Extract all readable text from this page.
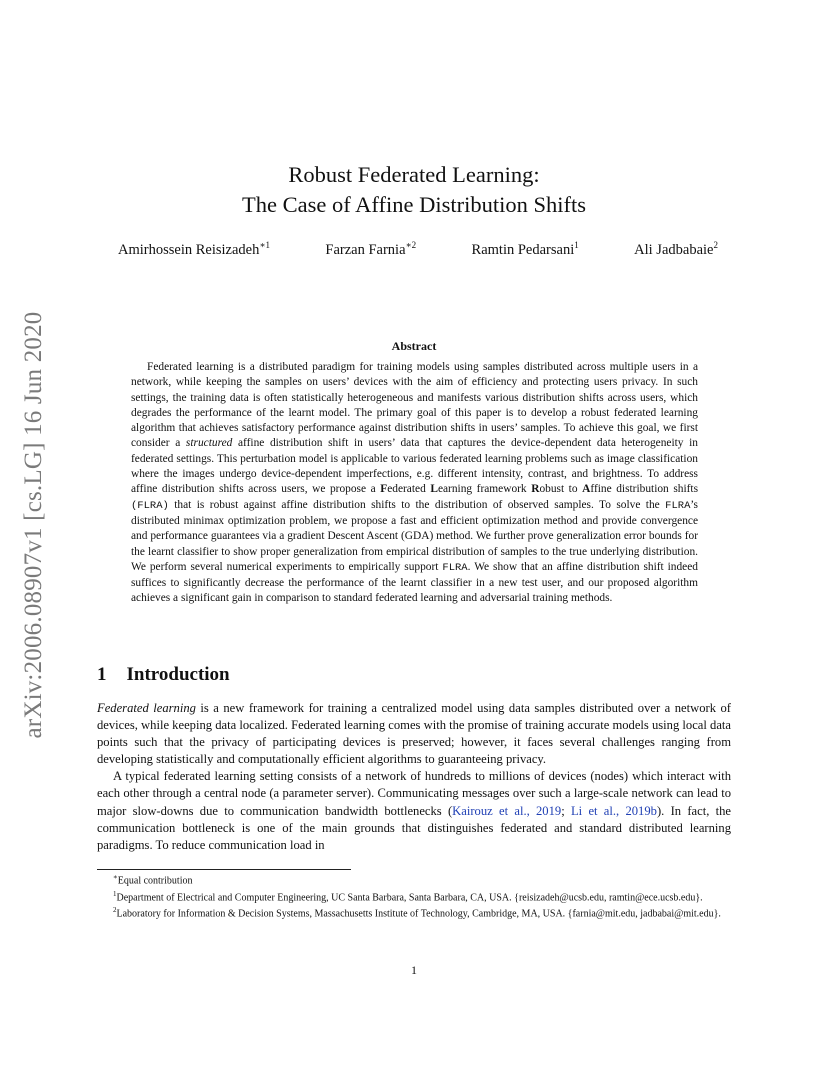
arXiv:2006.08907v1 [cs.LG] 16 Jun 2020
Robust Federated Learning:
The Case of Affine Distribution Shifts
Amirhossein Reisizadeh$^{∗1}$	Farzan Farnia$^{∗2}$	Ramtin Pedarsani$^1$	Ali Jadbabaie$^2$
Abstract

Federated learning is a distributed paradigm for training models using samples distributed across multiple users in a network, while keeping the samples on users’ devices with the aim of efficiency and protecting users privacy. In such settings, the training data is often statistically heterogeneous and manifests various distribution shifts across users, which degrades the performance of the learnt model. The primary goal of this paper is to develop a robust federated learning algorithm that achieves satisfactory performance against distribution shifts in users’ samples. To achieve this goal, we first consider a structured affine distribution shift in users’ data that captures the device-dependent data heterogeneity in federated settings. This perturbation model is applicable to various federated learning problems such as image classification where the images undergo device-dependent imperfections, e.g. different intensity, contrast, and brightness. To address affine distribution shifts across users, we propose a Federated Learning framework Robust to Affine distribution shifts (FLRA) that is robust against affine distribution shifts to the distribution of observed samples. To solve the FLRA’s distributed minimax optimization problem, we propose a fast and efficient optimization method and provide convergence and performance guarantees via a gradient Descent Ascent (GDA) method. We further prove generalization error bounds for the learnt classifier to show proper generalization from empirical distribution of samples to the true underlying distribution. We perform several numerical experiments to empirically support FLRA. We show that an affine distribution shift indeed suffices to significantly decrease the performance of the learnt classifier in a new test user, and our proposed algorithm achieves a significant gain in comparison to standard federated learning and adversarial training methods.

1 Introduction

Federated learning is a new framework for training a centralized model using data samples distributed over a network of devices, while keeping data localized. Federated learning comes with the promise of training accurate models using local data points such that the privacy of participating devices is preserved; however, it faces several challenges ranging from developing statistically and computationally efficient algorithms to guaranteeing privacy.

A typical federated learning setting consists of a network of hundreds to millions of devices (nodes) which interact with each other through a central node (a parameter server). Communicating messages over such a large-scale network can lead to major slow-downs due to communication bandwidth bottlenecks (Kairouz et al., 2019; Li et al., 2019b). In fact, the communication bottleneck is one of the main grounds that distinguishes federated and standard distributed learning paradigms. To reduce communication load in

∗Equal contribution

$^1$Department of Electrical and Computer Engineering, UC Santa Barbara, Santa Barbara, CA, USA. {reisizadeh@ucsb.edu, ramtin@ece.ucsb.edu}.

$^2$Laboratory for Information & Decision Systems, Massachusetts Institute of Technology, Cambridge, MA, USA. {farnia@mit.edu, jadbabai@mit.edu}.

1
